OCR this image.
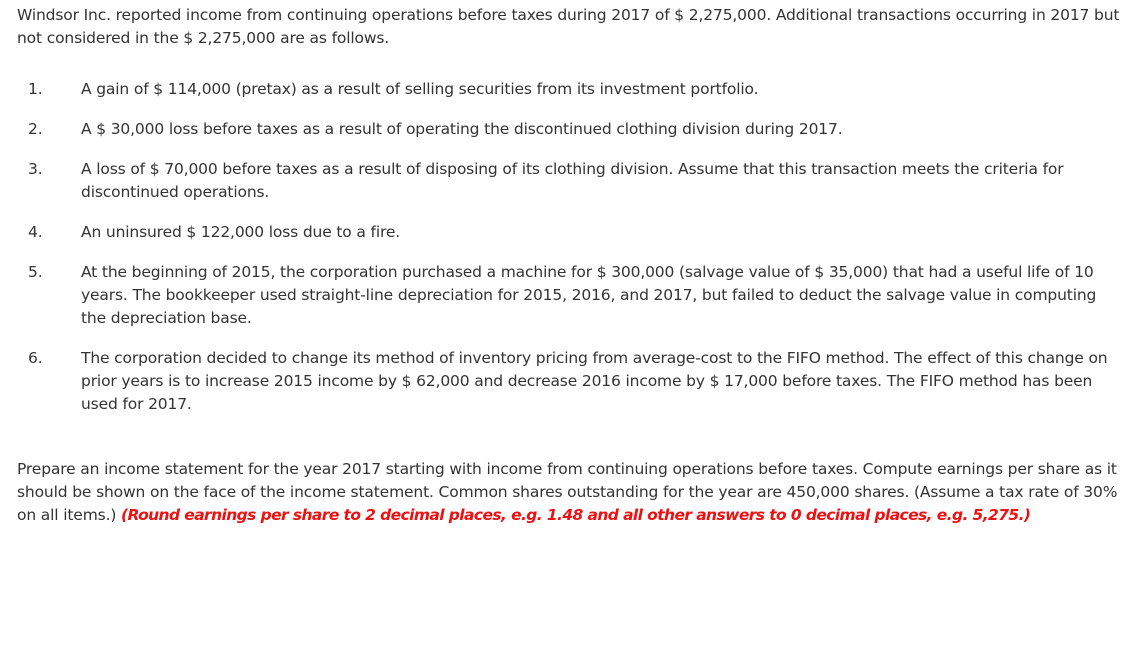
Windsor Inc. reported income from continuing operations before taxes during 2017 of $ 2,275,000. Additional transactions occurring in 2017 but not considered in the $ 2,275,000 are as follows.

1.	A gain of $ 114,000 (pretax) as a result of selling securities from its investment portfolio.
2.	A $ 30,000 loss before taxes as a result of operating the discontinued clothing division during 2017.
3.	A loss of $ 70,000 before taxes as a result of disposing of its clothing division. Assume that this transaction meets the criteria for discontinued operations.
4.	An uninsured $ 122,000 loss due to a fire.
5.	At the beginning of 2015, the corporation purchased a machine for $ 300,000 (salvage value of $ 35,000) that had a useful life of 10 years. The bookkeeper used straight-line depreciation for 2015, 2016, and 2017, but failed to deduct the salvage value in computing the depreciation base.
6.	The corporation decided to change its method of inventory pricing from average-cost to the FIFO method. The effect of this change on prior years is to increase 2015 income by $ 62,000 and decrease 2016 income by $ 17,000 before taxes. The FIFO method has been used for 2017.

Prepare an income statement for the year 2017 starting with income from continuing operations before taxes. Compute earnings per share as it should be shown on the face of the income statement. Common shares outstanding for the year are 450,000 shares. (Assume a tax rate of 30% on all items.) (Round earnings per share to 2 decimal places, e.g. 1.48 and all other answers to 0 decimal places, e.g. 5,275.)
